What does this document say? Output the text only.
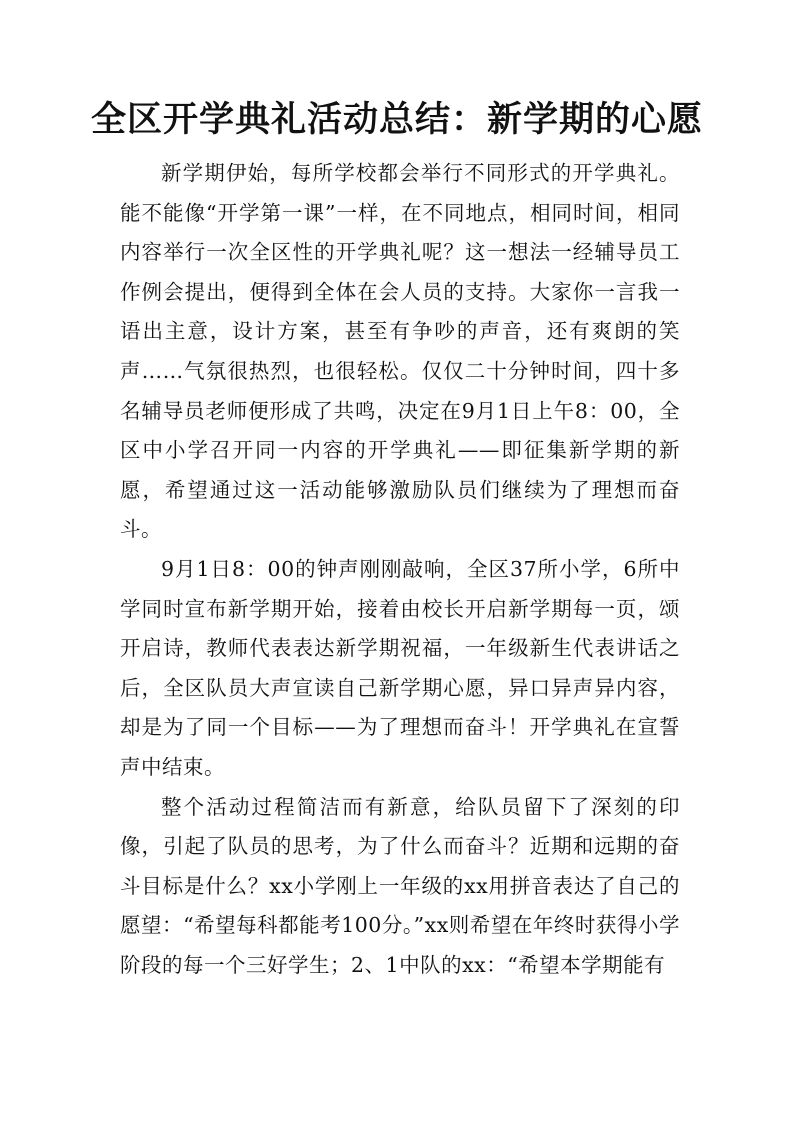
全区开学典礼活动总结：新学期的心愿

新学期伊始，每所学校都会举行不同形式的开学典礼。能不能像“开学第一课”一样，在不同地点，相同时间，相同内容举行一次全区性的开学典礼呢？这一想法一经辅导员工作例会提出，便得到全体在会人员的支持。大家你一言我一语出主意，设计方案，甚至有争吵的声音，还有爽朗的笑声……气氛很热烈，也很轻松。仅仅二十分钟时间，四十多名辅导员老师便形成了共鸣，决定在9月1日上午8：00，全区中小学召开同一内容的开学典礼——即征集新学期的新愿，希望通过这一活动能够激励队员们继续为了理想而奋斗。

9月1日8：00的钟声刚刚敲响，全区37所小学，6所中学同时宣布新学期开始，接着由校长开启新学期每一页，颂开启诗，教师代表表达新学期祝福，一年级新生代表讲话之后，全区队员大声宣读自己新学期心愿，异口异声异内容，却是为了同一个目标——为了理想而奋斗！开学典礼在宣誓声中结束。

整个活动过程简洁而有新意，给队员留下了深刻的印像，引起了队员的思考，为了什么而奋斗？近期和远期的奋斗目标是什么？xx小学刚上一年级的xx用拼音表达了自己的愿望：“希望每科都能考100分。”xx则希望在年终时获得小学阶段的每一个三好学生；2、1中队的xx：“希望本学期能有
